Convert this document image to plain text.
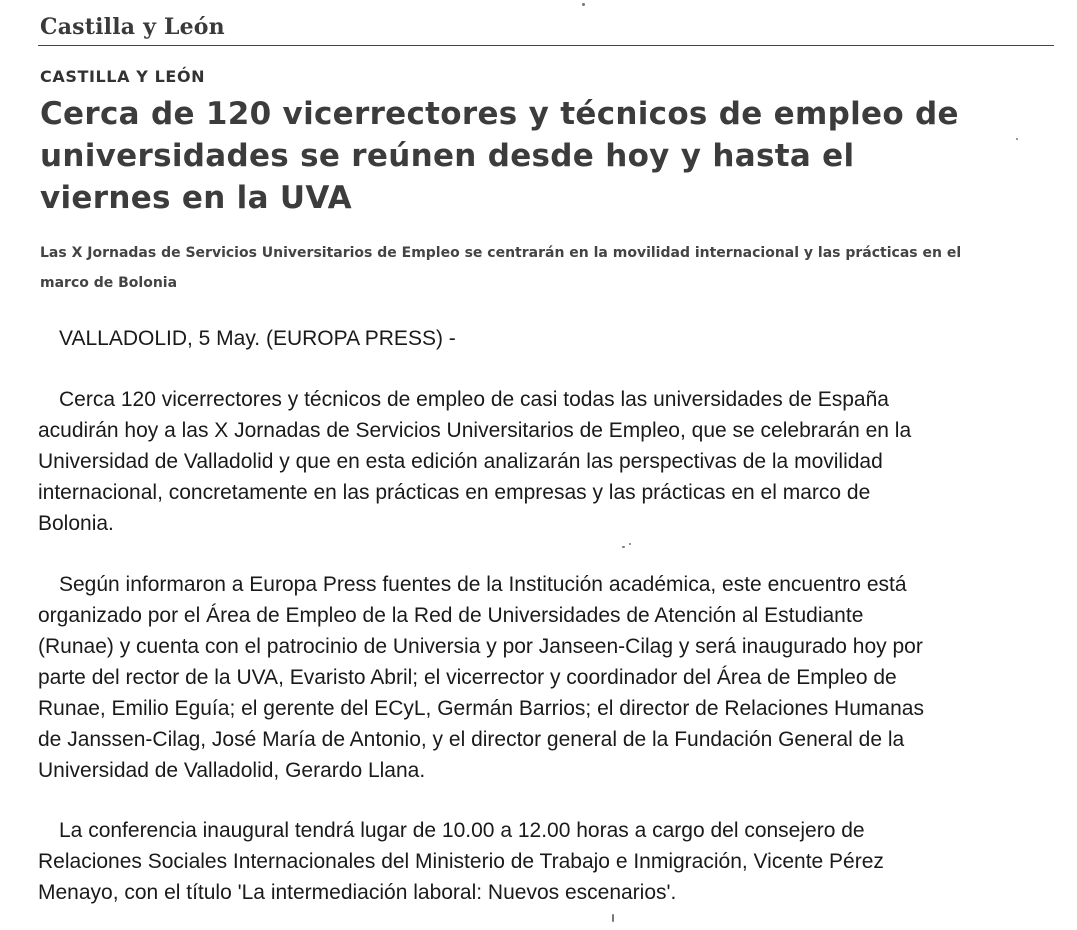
Castilla y León
CASTILLA Y LEÓN
Cerca de 120 vicerrectores y técnicos de empleo de
universidades se reúnen desde hoy y hasta el
viernes en la UVA
Las X Jornadas de Servicios Universitarios de Empleo se centrarán en la movilidad internacional y las prácticas en el
marco de Bolonia
VALLADOLID, 5 May. (EUROPA PRESS) -
Cerca 120 vicerrectores y técnicos de empleo de casi todas las universidades de España
acudirán hoy a las X Jornadas de Servicios Universitarios de Empleo, que se celebrarán en la
Universidad de Valladolid y que en esta edición analizarán las perspectivas de la movilidad
internacional, concretamente en las prácticas en empresas y las prácticas en el marco de
Bolonia.
Según informaron a Europa Press fuentes de la Institución académica, este encuentro está
organizado por el Área de Empleo de la Red de Universidades de Atención al Estudiante
(Runae) y cuenta con el patrocinio de Universia y por Janseen-Cilag y será inaugurado hoy por
parte del rector de la UVA, Evaristo Abril; el vicerrector y coordinador del Área de Empleo de
Runae, Emilio Eguía; el gerente del ECyL, Germán Barrios; el director de Relaciones Humanas
de Janssen-Cilag, José María de Antonio, y el director general de la Fundación General de la
Universidad de Valladolid, Gerardo Llana.
La conferencia inaugural tendrá lugar de 10.00 a 12.00 horas a cargo del consejero de
Relaciones Sociales Internacionales del Ministerio de Trabajo e Inmigración, Vicente Pérez
Menayo, con el título 'La intermediación laboral: Nuevos escenarios'.
